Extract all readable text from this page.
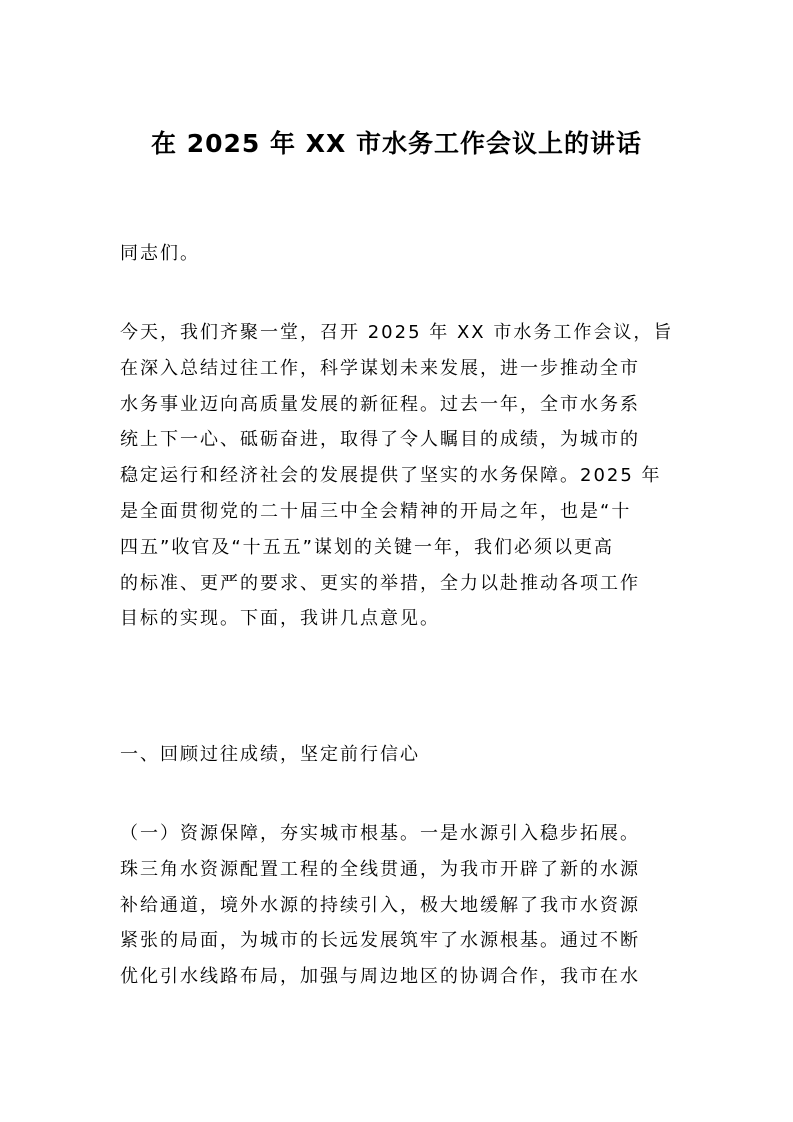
在 2025 年 XX 市水务工作会议上的讲话

同志们。

今天，我们齐聚一堂，召开 2025 年 XX 市水务工作会议，旨
在深入总结过往工作，科学谋划未来发展，进一步推动全市
水务事业迈向高质量发展的新征程。过去一年，全市水务系
统上下一心、砥砺奋进，取得了令人瞩目的成绩，为城市的
稳定运行和经济社会的发展提供了坚实的水务保障。2025 年
是全面贯彻党的二十届三中全会精神的开局之年，也是“十
四五”收官及“十五五”谋划的关键一年，我们必须以更高
的标准、更严的要求、更实的举措，全力以赴推动各项工作
目标的实现。下面，我讲几点意见。

一、回顾过往成绩，坚定前行信心

（一）资源保障，夯实城市根基。一是水源引入稳步拓展。
珠三角水资源配置工程的全线贯通，为我市开辟了新的水源
补给通道，境外水源的持续引入，极大地缓解了我市水资源
紧张的局面，为城市的长远发展筑牢了水源根基。通过不断
优化引水线路布局，加强与周边地区的协调合作，我市在水
